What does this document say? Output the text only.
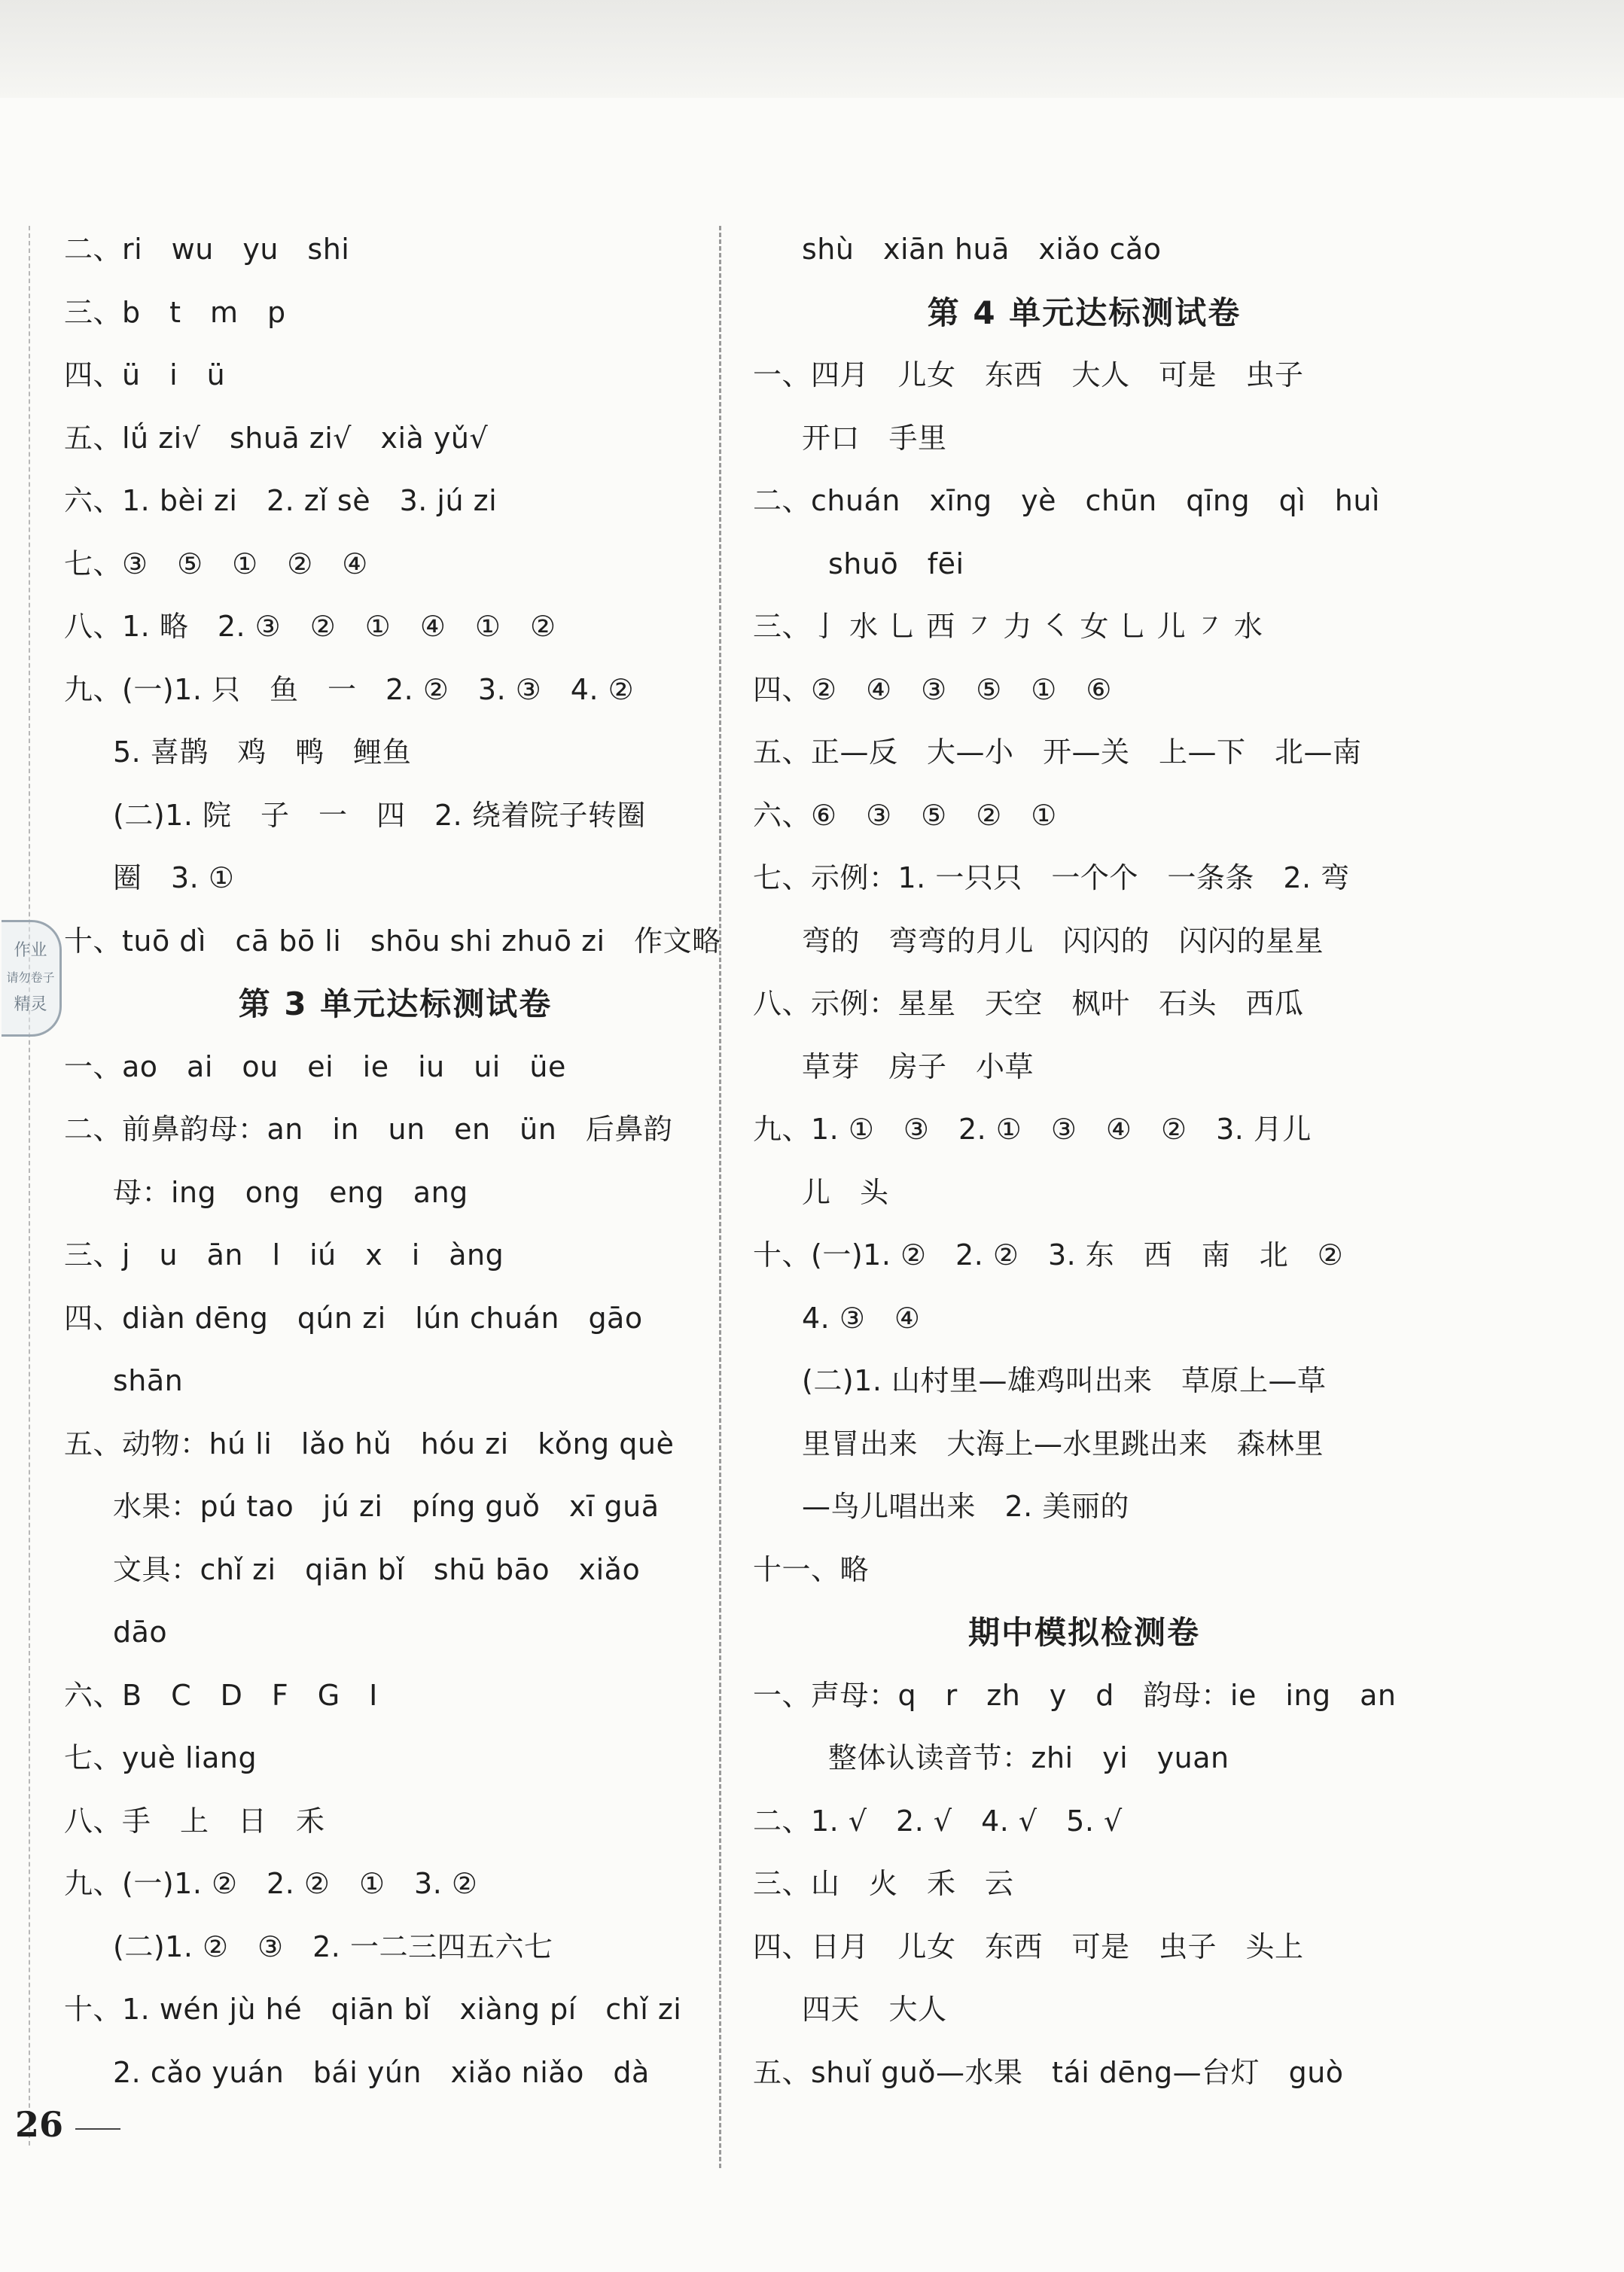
二、ri　wu　yu　shi
三、b　t　m　p
四、ü　i　ü
五、lǘ zi√　shuā zi√　xià yǔ√
六、1. bèi zi　2. zǐ sè　3. jú zi
七、③　⑤　①　②　④
八、1. 略　2. ③　②　①　④　①　②
九、(一)1. 只　鱼　一　2. ②　3. ③　4. ②
5. 喜鹊　鸡　鸭　鲤鱼
(二)1. 院　子　一　四　2. 绕着院子转圈
圈　3. ①
十、tuō dì　cā bō li　shōu shi zhuō zi　作文略
第 3 单元达标测试卷
一、ao　ai　ou　ei　ie　iu　ui　üe
二、前鼻韵母：an　in　un　en　ün　后鼻韵
母：ing　ong　eng　ang
三、j　u　ān　l　iú　x　i　àng
四、diàn dēng　qún zi　lún chuán　gāo
shān
五、动物：hú li　lǎo hǔ　hóu zi　kǒng què
水果：pú tao　jú zi　píng guǒ　xī guā
文具：chǐ zi　qiān bǐ　shū bāo　xiǎo
dāo
六、B　C　D　F　G　I
七、yuè liang
八、手　上　日　禾
九、(一)1. ②　2. ②　①　3. ②
(二)1. ②　③　2. 一二三四五六七
十、1. wén jù hé　qiān bǐ　xiàng pí　chǐ zi
2. cǎo yuán　bái yún　xiǎo niǎo　dà
shù　xiān huā　xiǎo cǎo
第 4 单元达标测试卷
一、四月　儿女　东西　大人　可是　虫子
开口　手里
二、chuán　xīng　yè　chūn　qīng　qì　huì
shuō　fēi
三、亅 水 乚 西 ㇇ 力 ㇛ 女 乚 儿 ㇇ 水
四、②　④　③　⑤　①　⑥
五、正—反　大—小　开—关　上—下　北—南
六、⑥　③　⑤　②　①
七、示例：1. 一只只　一个个　一条条　2. 弯
弯的　弯弯的月儿　闪闪的　闪闪的星星
八、示例：星星　天空　枫叶　石头　西瓜
草芽　房子　小草
九、1. ①　③　2. ①　③　④　②　3. 月儿
儿　头
十、(一)1. ②　2. ②　3. 东　西　南　北　②
4. ③　④
(二)1. 山村里—雄鸡叫出来　草原上—草
里冒出来　大海上—水里跳出来　森林里
—鸟儿唱出来　2. 美丽的
十一、略
期中模拟检测卷
一、声母：q　r　zh　y　d　韵母：ie　ing　an
整体认读音节：zhi　yi　yuan
二、1. √　2. √　4. √　5. √
三、山　火　禾　云
四、日月　儿女　东西　可是　虫子　头上
四天　大人
五、shuǐ guǒ—水果　tái dēng—台灯　guò
作业
请勿卷子
精灵
26
